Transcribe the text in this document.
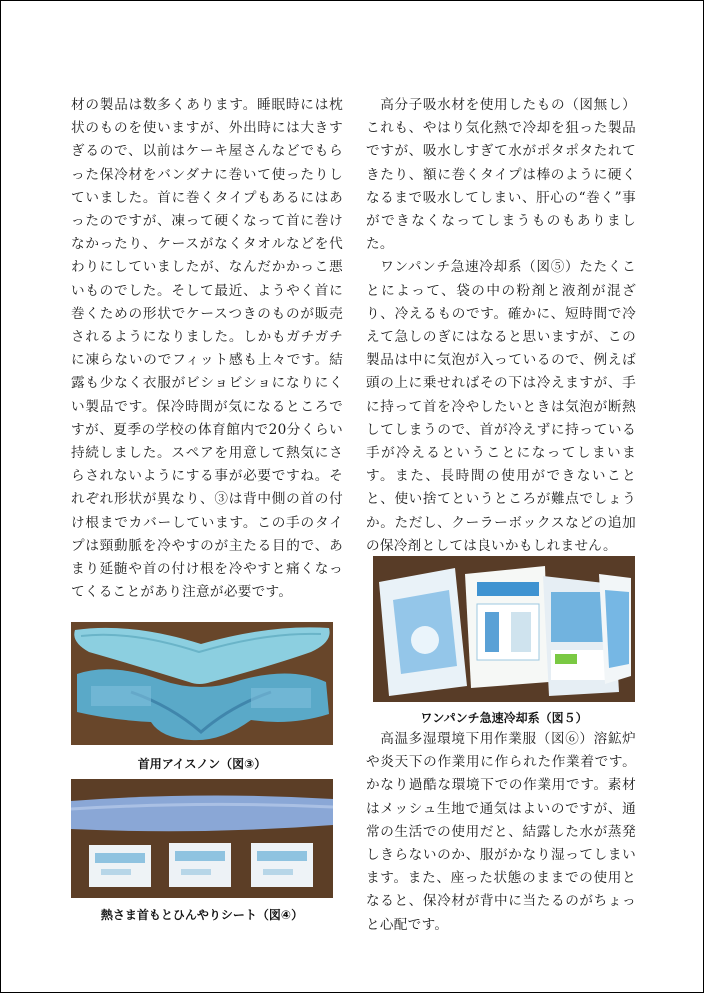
材の製品は数多くあります。睡眠時には枕状のものを使いますが、外出時には大きすぎるので、以前はケーキ屋さんなどでもらった保冷材をバンダナに巻いて使ったりしていました。首に巻くタイプもあるにはあったのですが、凍って硬くなって首に巻けなかったり、ケースがなくタオルなどを代わりにしていましたが、なんだかかっこ悪いものでした。そして最近、ようやく首に巻くための形状でケースつきのものが販売されるようになりました。しかもガチガチに凍らないのでフィット感も上々です。結露も少なく衣服がビショビショになりにくい製品です。保冷時間が気になるところですが、夏季の学校の体育館内で20分くらい持続しました。スペアを用意して熱気にさらされないようにする事が必要ですね。それぞれ形状が異なり、③は背中側の首の付け根までカバーしています。この手のタイプは頸動脈を冷やすのが主たる目的で、あまり延髄や首の付け根を冷やすと痛くなってくることがあり注意が必要です。

首用アイスノン（図③）
熱さま首もとひんやりシート（図④）

　高分子吸水材を使用したもの（図無し）これも、やはり気化熱で冷却を狙った製品ですが、吸水しすぎて水がポタポタたれてきたり、額に巻くタイプは棒のように硬くなるまで吸水してしまい、肝心の“巻く”事ができなくなってしまうものもありました。

　ワンパンチ急速冷却系（図⑤）たたくことによって、袋の中の粉剤と液剤が混ざり、冷えるものです。確かに、短時間で冷えて急しのぎにはなると思いますが、この製品は中に気泡が入っているので、例えば頭の上に乗せればその下は冷えますが、手に持って首を冷やしたいときは気泡が断熱してしまうので、首が冷えずに持っている手が冷えるということになってしまいます。また、長時間の使用ができないことと、使い捨てというところが難点でしょうか。ただし、クーラーボックスなどの追加の保冷剤としては良いかもしれません。

ワンパンチ急速冷却系（図５）

　高温多湿環境下用作業服（図⑥）溶鉱炉や炎天下の作業用に作られた作業着です。かなり過酷な環境下での作業用です。素材はメッシュ生地で通気はよいのですが、通常の生活での使用だと、結露した水が蒸発しきらないのか、服がかなり湿ってしまいます。また、座った状態のままでの使用となると、保冷材が背中に当たるのがちょっと心配です。
